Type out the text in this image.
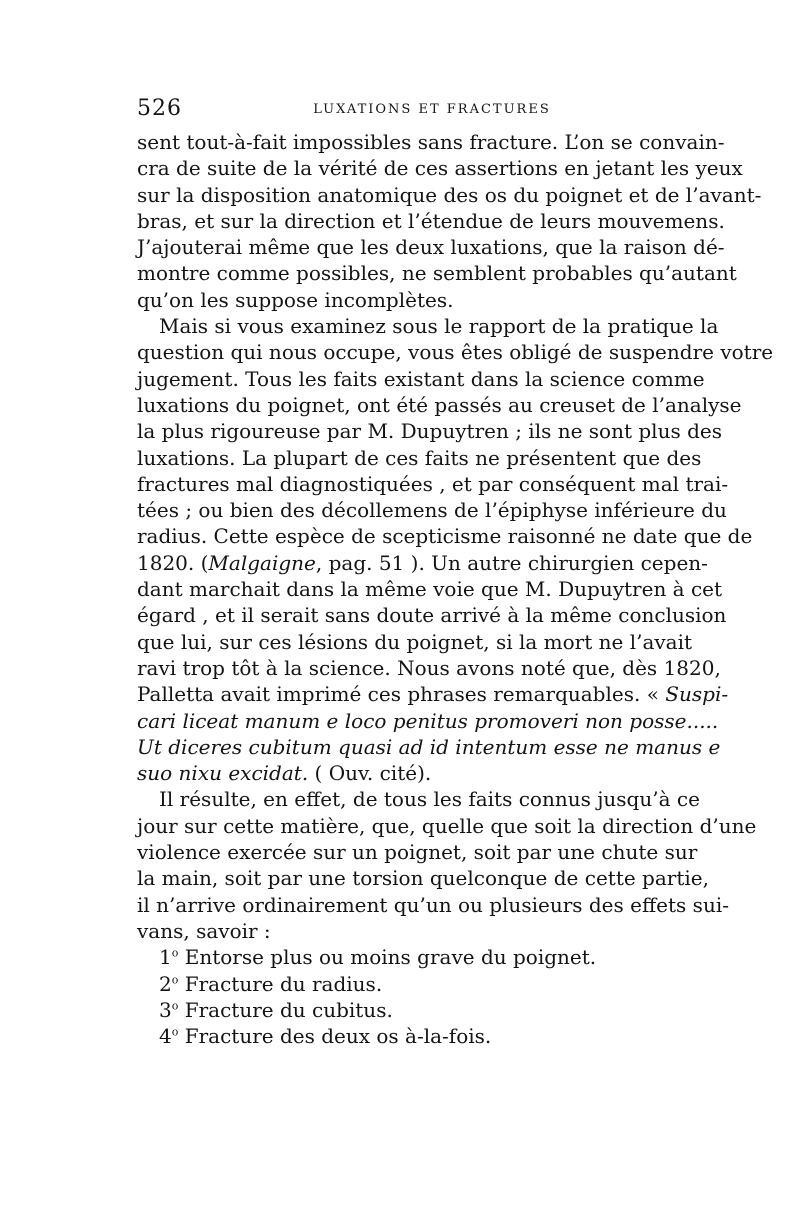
526	LUXATIONS ET FRACTURES
sent tout-à-fait impossibles sans fracture. L’on se convain-
cra de suite de la vérité de ces assertions en jetant les yeux
sur la disposition anatomique des os du poignet et de l’avant-
bras, et sur la direction et l’étendue de leurs mouvemens.
J’ajouterai même que les deux luxations, que la raison dé-
montre comme possibles, ne semblent probables qu’autant
qu’on les suppose incomplètes.
Mais si vous examinez sous le rapport de la pratique la
question qui nous occupe, vous êtes obligé de suspendre votre
jugement. Tous les faits existant dans la science comme
luxations du poignet, ont été passés au creuset de l’analyse
la plus rigoureuse par M. Dupuytren ; ils ne sont plus des
luxations. La plupart de ces faits ne présentent que des
fractures mal diagnostiquées , et par conséquent mal trai-
tées ; ou bien des décollemens de l’épiphyse inférieure du
radius. Cette espèce de scepticisme raisonné ne date que de
1820. (Malgaigne, pag. 51 ). Un autre chirurgien cepen-
dant marchait dans la même voie que M. Dupuytren à cet
égard , et il serait sans doute arrivé à la même conclusion
que lui, sur ces lésions du poignet, si la mort ne l’avait
ravi trop tôt à la science. Nous avons noté que, dès 1820,
Palletta avait imprimé ces phrases remarquables. « Suspi-
cari liceat manum e loco penitus promoveri non posse.....
Ut diceres cubitum quasi ad id intentum esse ne manus e
suo nixu excidat. ( Ouv. cité).
Il résulte, en effet, de tous les faits connus jusqu’à ce
jour sur cette matière, que, quelle que soit la direction d’une
violence exercée sur un poignet, soit par une chute sur
la main, soit par une torsion quelconque de cette partie,
il n’arrive ordinairement qu’un ou plusieurs des effets sui-
vans, savoir :
1$^o$ Entorse plus ou moins grave du poignet.
2$^o$ Fracture du radius.
3$^o$ Fracture du cubitus.
4$^o$ Fracture des deux os à-la-fois.
